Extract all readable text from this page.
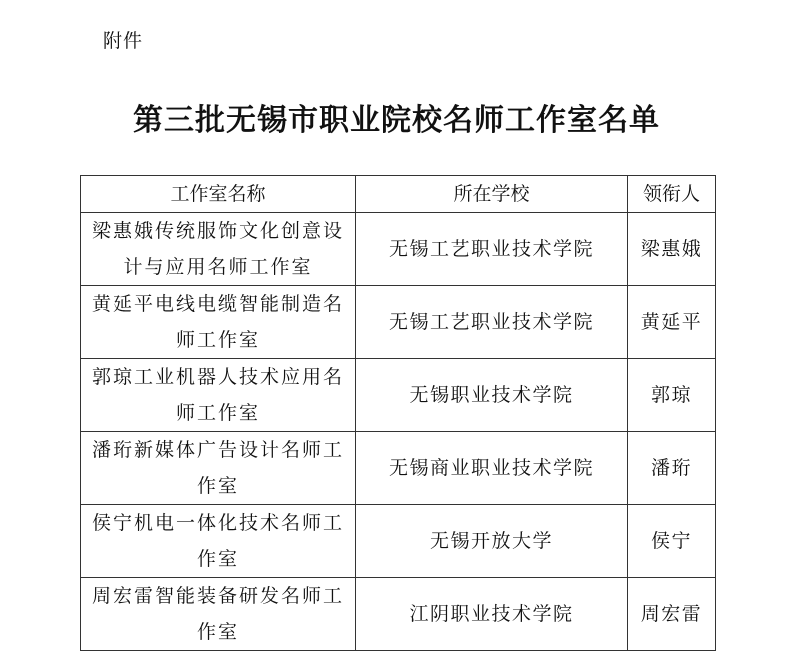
附件
第三批无锡市职业院校名师工作室名单
工作室名称	所在学校	领衔人
梁惠娥传统服饰文化创意设计与应用名师工作室	无锡工艺职业技术学院	梁惠娥
黄延平电线电缆智能制造名师工作室	无锡工艺职业技术学院	黄延平
郭琼工业机器人技术应用名师工作室	无锡职业技术学院	郭琼
潘珩新媒体广告设计名师工作室	无锡商业职业技术学院	潘珩
侯宁机电一体化技术名师工作室	无锡开放大学	侯宁
周宏雷智能装备研发名师工作室	江阴职业技术学院	周宏雷
